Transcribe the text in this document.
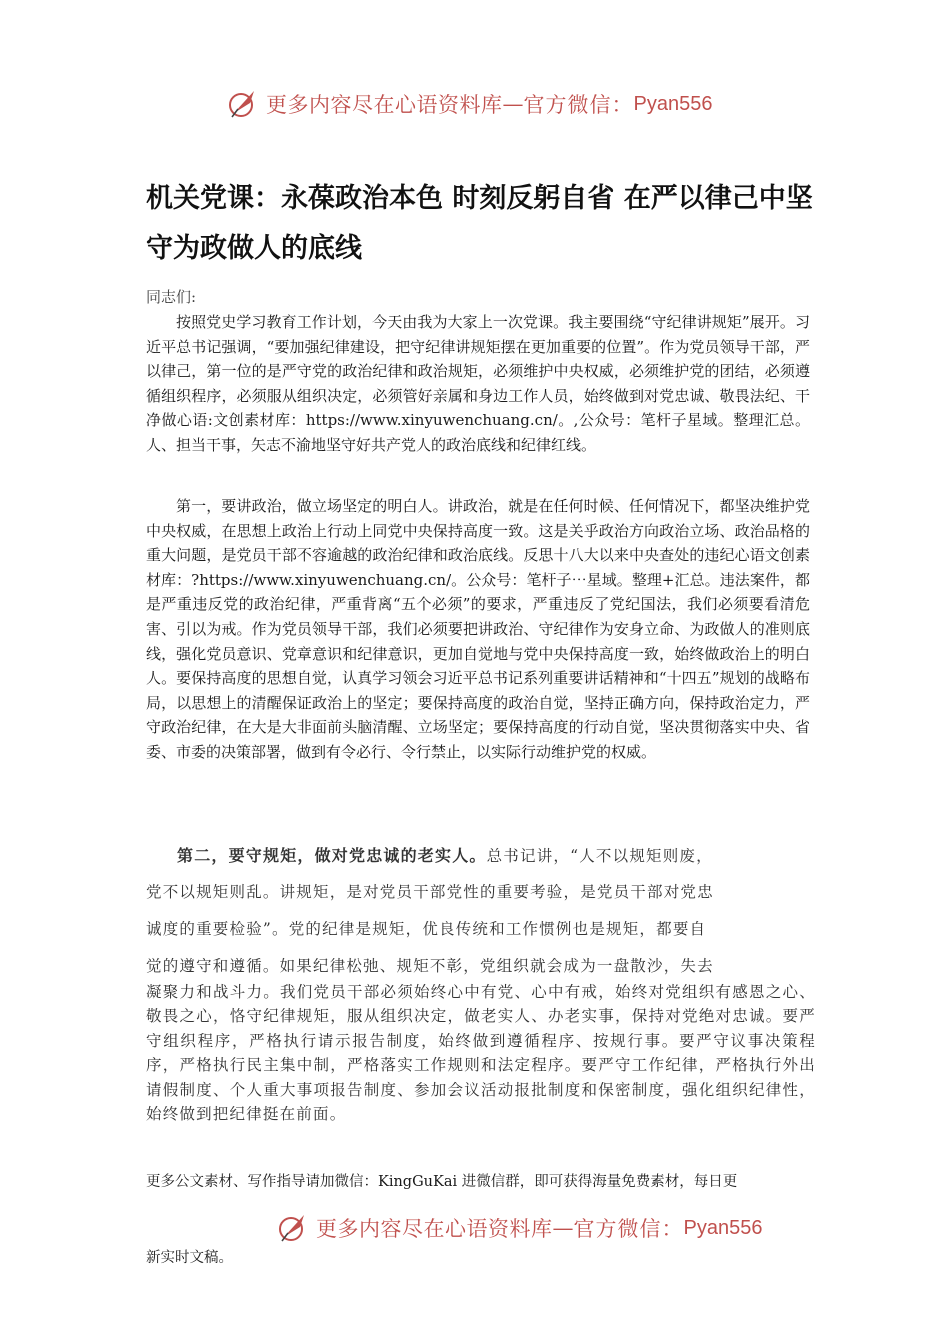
更多内容尽在心语资料库 — 官方微信： Pyan556
机关党课：永葆政治本色 时刻反躬自省 在严以律己中坚守为政做人的底线
同志们:

按照党史学习教育工作计划，今天由我为大家上一次党课。我主要围绕“守纪律讲规矩”展开。习近平总书记强调，“要加强纪律建设，把守纪律讲规矩摆在更加重要的位置”。作为党员领导干部，严以律己，第一位的是严守党的政治纪律和政治规矩，必须维护中央权威，必须维护党的团结，必须遵循组织程序，必须服从组织决定，必须管好亲属和身边工作人员，始终做到对党忠诚、敬畏法纪、干净做心语:文创素材库：https://www.xinyuwenchuang.cn/。,公众号：笔杆子星域。整理汇总。人、担当干事，矢志不渝地坚守好共产党人的政治底线和纪律红线。

第一，要讲政治，做立场坚定的明白人。讲政治，就是在任何时候、任何情况下，都坚决维护党中央权威，在思想上政治上行动上同党中央保持高度一致。这是关乎政治方向政治立场、政治品格的重大问题，是党员干部不容逾越的政治纪律和政治底线。反思十八大以来中央查处的违纪心语文创素材库：?https://www.xinyuwenchuang.cn/。公众号：笔杆子⋯星域。整理+汇总。违法案件，都是严重违反党的政治纪律，严重背离“五个必须”的要求，严重违反了党纪国法，我们必须要看清危害、引以为戒。作为党员领导干部，我们必须要把讲政治、守纪律作为安身立命、为政做人的准则底线，强化党员意识、党章意识和纪律意识，更加自觉地与党中央保持高度一致，始终做政治上的明白人。要保持高度的思想自觉，认真学习领会习近平总书记系列重要讲话精神和“十四五”规划的战略布局，以思想上的清醒保证政治上的坚定；要保持高度的政治自觉，坚持正确方向，保持政治定力，严守政治纪律，在大是大非面前头脑清醒、立场坚定；要保持高度的行动自觉，坚决贯彻落实中央、省委、市委的决策部署，做到有令必行、令行禁止，以实际行动维护党的权威。

第二，要守规矩，做对党忠诚的老实人。总书记讲，“人不以规矩则废，

党不以规矩则乱。讲规矩，是对党员干部党性的重要考验，是党员干部对党忠

诚度的重要检验”。党的纪律是规矩，优良传统和工作惯例也是规矩，都要自

觉的遵守和遵循。如果纪律松弛、规矩不彰，党组织就会成为一盘散沙，失去

凝聚力和战斗力。我们党员干部必须始终心中有党、心中有戒，始终对党组织有感恩之心、敬畏之心，恪守纪律规矩，服从组织决定，做老实人、办老实事，保持对党绝对忠诚。要严守组织程序，严格执行请示报告制度，始终做到遵循程序、按规行事。要严守议事决策程序，严格执行民主集中制，严格落实工作规则和法定程序。要严守工作纪律，严格执行外出请假制度、个人重大事项报告制度、参加会议活动报批制度和保密制度，强化组织纪律性，始终做到把纪律挺在前面。

更多公文素材、写作指导请加微信：KingGuKai 进微信群，即可获得海量免费素材，每日更

更多内容尽在心语资料库 — 官方微信： Pyan556

新实时文稿。
